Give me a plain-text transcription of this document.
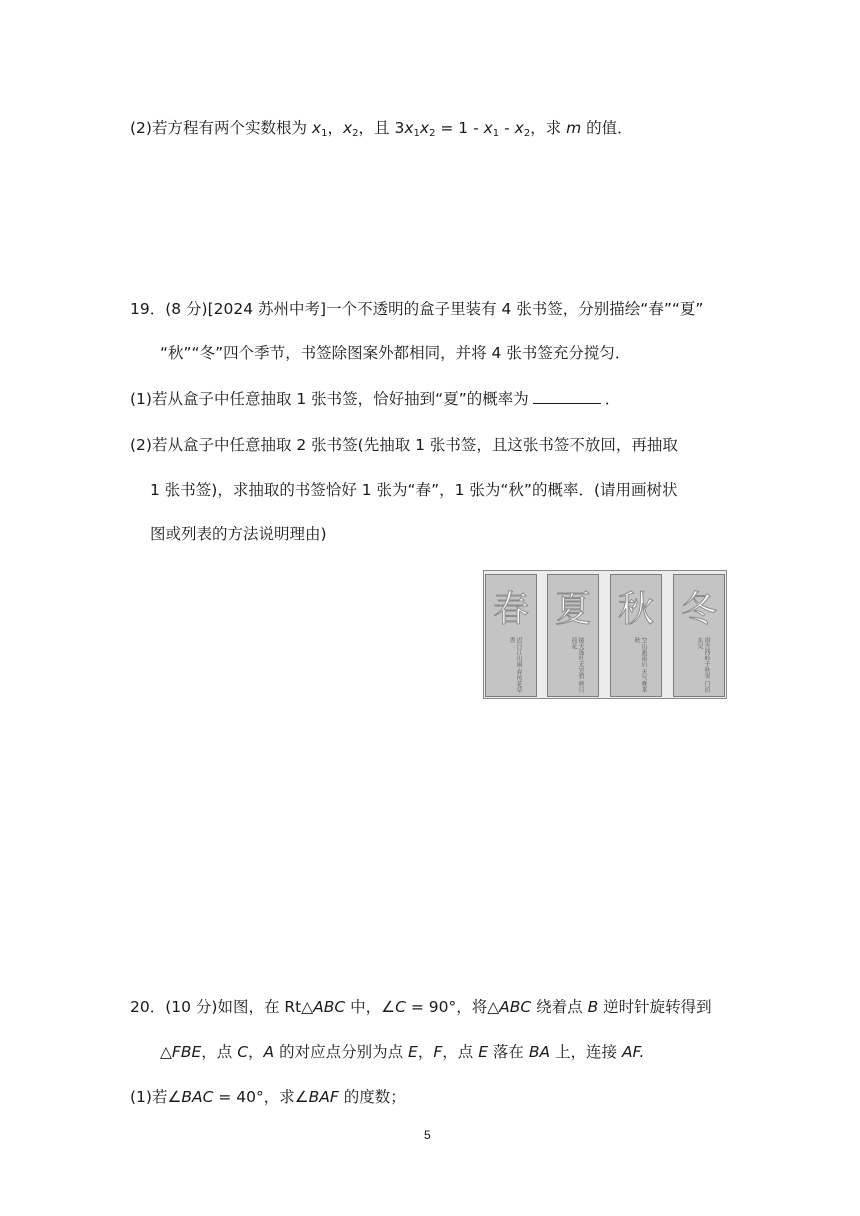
(2)若方程有两个实数根为 $x_1$，$x_2$，且 $3x_1x_2 = 1 - x_1 - x_2$，求 m 的值．
19．(8 分)[2024 苏州中考]一个不透明的盒子里装有 4 张书签，分别描绘“春”“夏”
“秋”“冬”四个季节，书签除图案外都相同，并将 4 张书签充分搅匀．
(1)若从盒子中任意抽取 1 张书签，恰好抽到“夏”的概率为	．
(2)若从盒子中任意抽取 2 张书签(先抽取 1 张书签，且这张书签不放回，再抽取
1 张书签)，求抽取的书签恰好 1 张为“春”，1 张为“秋”的概率．(请用画树状
图或列表的方法说明理由)
春
迟日江山丽 春风花草香
夏
接天莲叶无穷碧 映日荷花
秋
空山新雨后 天气晚来秋
冬
窗含西岭千秋雪 门泊东吴
20．(10 分)如图，在 Rt△ABC 中，∠C = 90°，将△ABC 绕着点 B 逆时针旋转得到
△FBE，点 C，A 的对应点分别为点 E，F，点 E 落在 BA 上，连接 AF.
(1)若∠BAC = 40°，求∠BAF 的度数；
5
